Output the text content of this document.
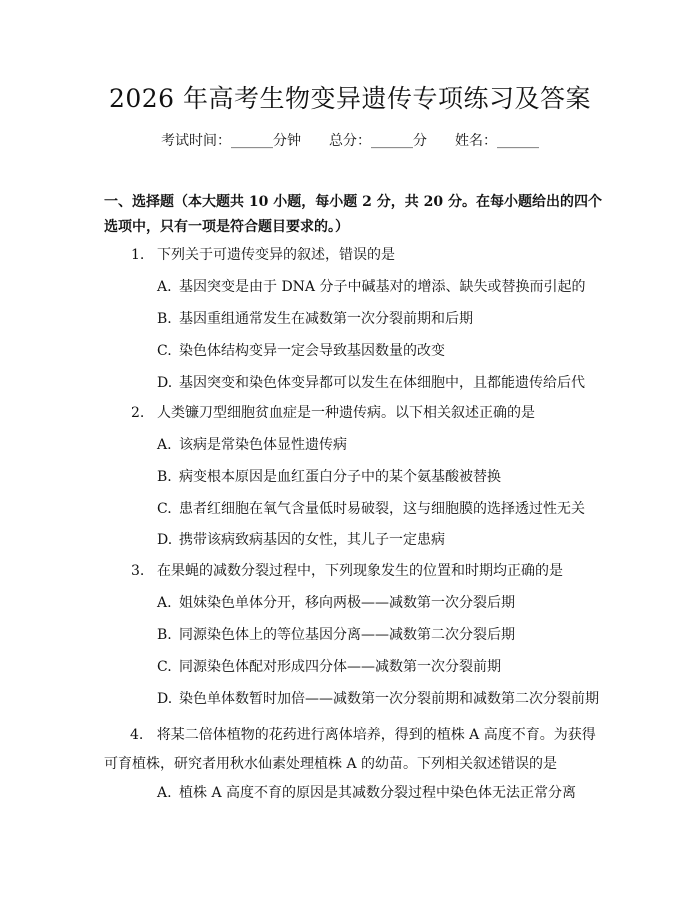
2026 年高考生物变异遗传专项练习及答案
考试时间：______分钟 总分：______分 姓名：______
一、选择题（本大题共 10 小题，每小题 2 分，共 20 分。在每小题给出的四个选项中，只有一项是符合题目要求的。）
1. 下列关于可遗传变异的叙述，错误的是
A. 基因突变是由于 DNA 分子中碱基对的增添、缺失或替换而引起的
B. 基因重组通常发生在减数第一次分裂前期和后期
C. 染色体结构变异一定会导致基因数量的改变
D. 基因突变和染色体变异都可以发生在体细胞中，且都能遗传给后代
2. 人类镰刀型细胞贫血症是一种遗传病。以下相关叙述正确的是
A. 该病是常染色体显性遗传病
B. 病变根本原因是血红蛋白分子中的某个氨基酸被替换
C. 患者红细胞在氧气含量低时易破裂，这与细胞膜的选择透过性无关
D. 携带该病致病基因的女性，其儿子一定患病
3. 在果蝇的减数分裂过程中，下列现象发生的位置和时期均正确的是
A. 姐妹染色单体分开，移向两极——减数第一次分裂后期
B. 同源染色体上的等位基因分离——减数第二次分裂后期
C. 同源染色体配对形成四分体——减数第一次分裂前期
D. 染色单体数暂时加倍——减数第一次分裂前期和减数第二次分裂前期
4. 将某二倍体植物的花药进行离体培养，得到的植株 A 高度不育。为获得可育植株，研究者用秋水仙素处理植株 A 的幼苗。下列相关叙述错误的是
A. 植株 A 高度不育的原因是其减数分裂过程中染色体无法正常分离
